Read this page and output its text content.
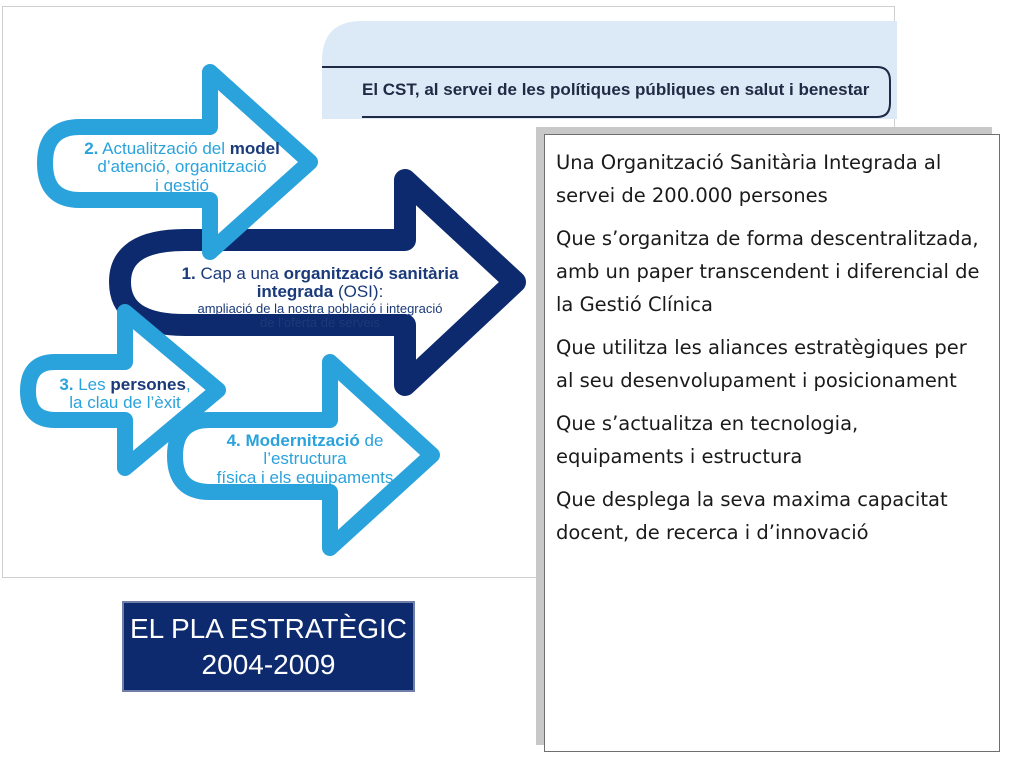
El CST, al servei de les polítiques públiques en salut i benestar
2. Actualització del model
d’atenció, organització
i gestió
1. Cap a una organització sanitària
integrada (OSI):
ampliació de la nostra població i integració
de l’oferta de serveis
3. Les persones,
la clau de l’èxit
4. Modernització de
l’estructura
física i els equipaments
Una Organització Sanitària Integrada al servei de 200.000 persones
Que s’organitza de forma descentralitzada, amb un paper transcendent i diferencial de la Gestió Clínica
Que utilitza les aliances estratègiques per al seu desenvolupament i posicionament
Que s’actualitza en tecnologia, equipaments i estructura
Que desplega la seva maxima capacitat docent, de recerca i d’innovació
EL PLA ESTRATÈGIC
2004-2009
